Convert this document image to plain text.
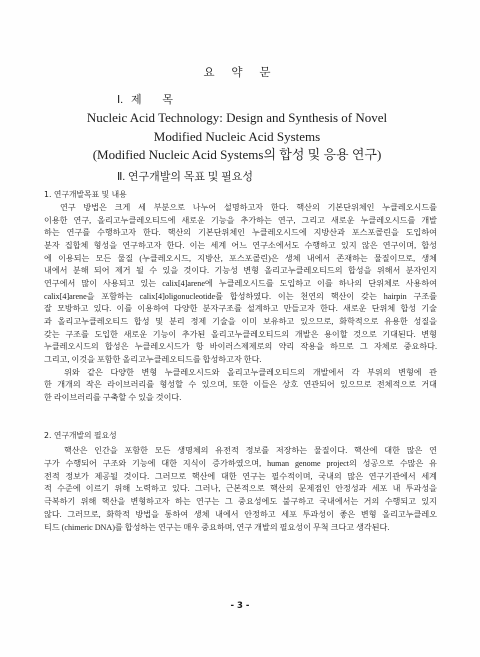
요 약 문
Ⅰ. 제 목
Nucleic Acid Technology: Design and Synthesis of Novel
Modified Nucleic Acid Systems
(Modified Nucleic Acid Systems의 합성 및 응용 연구)
Ⅱ. 연구개발의 목표 및 필요성
1. 연구개발목표 및 내용
연구 방법은 크게 세 부분으로 나누어 설명하고자 한다. 핵산의 기본단위체인 누클레오시드를
이용한 연구, 올리고누클레오티드에 새로운 기능을 추가하는 연구, 그리고 새로운 누클레오시드를 개발
하는 연구를 수행하고자 한다. 핵산의 기본단위체인 누클레오시드에 지방산과 포스포콜린을 도입하여
분자 집합체 형성을 연구하고자 한다. 이는 세계 어느 연구소에서도 수행하고 있지 않은 연구이며, 합성
에 이용되는 모든 물질 (누클레오시드, 지방산, 포스포콜린)은 생체 내에서 존재하는 물질이므로, 생체
내에서 분해 되어 제거 될 수 있을 것이다. 기능성 변형 올리고누클레오티드의 합성을 위해서 분자인지
연구에서 많이 사용되고 있는 calix[4]arene에 누클레오시드를 도입하고 이를 하나의 단위체로 사용하여
calix[4]arene을 포함하는 calix[4]oligonucleotide를 합성하였다. 이는 천연의 핵산이 갖는 hairpin 구조를
잘 모방하고 있다. 이를 이용하여 다양한 분자구조를 설계하고 만들고자 한다. 새로운 단위체 합성 기술
과 올리고누클레오티드 합성 및 분리 정제 기술을 이미 보유하고 있으므로, 화학적으로 유용한 성질을
갖는 구조를 도입한 새로운 기능이 추가된 올리고누클레오티드의 개발은 용이할 것으로 기대된다. 변형
누클레오시드의 합성은 누클레오시드가 항 바이러스제제로의 약리 작용을 하므로 그 자체로 중요하다.
그리고, 이것을 포함한 올리고누클레오티드를 합성하고자 한다.
위와 같은 다양한 변형 누클레오시드와 올리고누클레오티드의 개발에서 각 부위의 변형에 관
한 개개의 작은 라이브러리를 형성할 수 있으며, 또한 이들은 상호 연관되어 있으므로 전체적으로 거대
한 라이브러리를 구축할 수 있을 것이다.
2. 연구개발의 필요성
핵산은 인간을 포함한 모든 생명체의 유전적 정보를 저장하는 물질이다. 핵산에 대한 많은 연
구가 수행되어 구조와 기능에 대한 지식이 증가하였으며, human genome project의 성공으로 수많은 유
전적 정보가 제공될 것이다. 그러므로 핵산에 대한 연구는 필수적이며, 국내의 많은 연구기관에서 세계
적 수준에 이르기 위해 노력하고 있다. 그러나, 근본적으로 핵산의 문제점인 안정성과 세포 내 투과성을
극복하기 위해 핵산을 변형하고자 하는 연구는 그 중요성에도 불구하고 국내에서는 거의 수행되고 있지
않다. 그러므로, 화학적 방법을 통하여 생체 내에서 안정하고 세포 투과성이 좋은 변형 올리고누클레오
티드 (chimeric DNA)를 합성하는 연구는 매우 중요하며, 연구 개발의 필요성이 무척 크다고 생각된다.
- 3 -
